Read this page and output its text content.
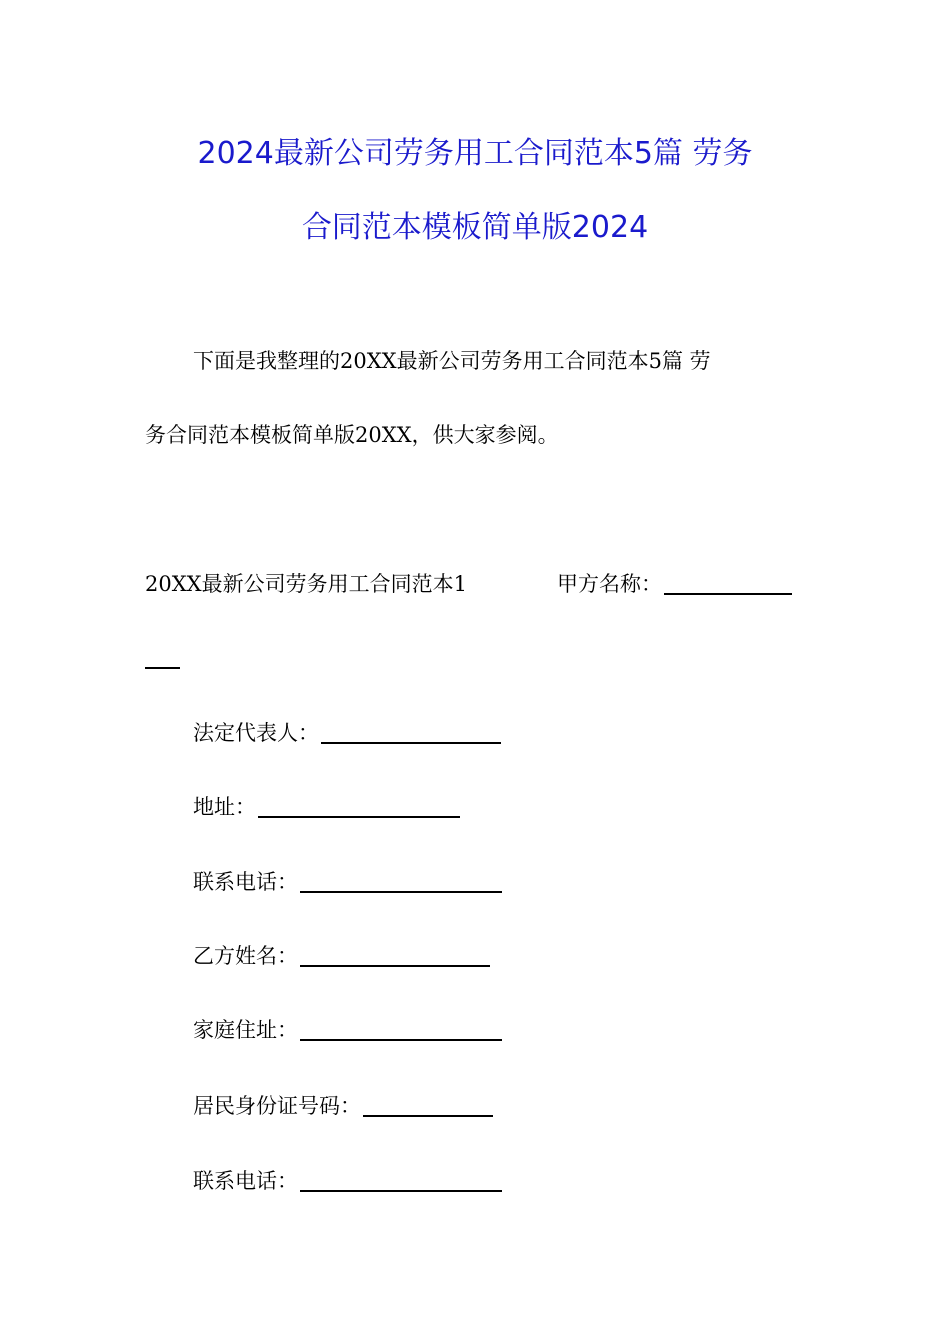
2024最新公司劳务用工合同范本5篇 劳务
合同范本模板简单版2024
下面是我整理的20XX最新公司劳务用工合同范本5篇 劳
务合同范本模板简单版20XX，供大家参阅。
20XX最新公司劳务用工合同范本1	甲方名称：
法定代表人：
地址：
联系电话：
乙方姓名：
家庭住址：
居民身份证号码：
联系电话：
